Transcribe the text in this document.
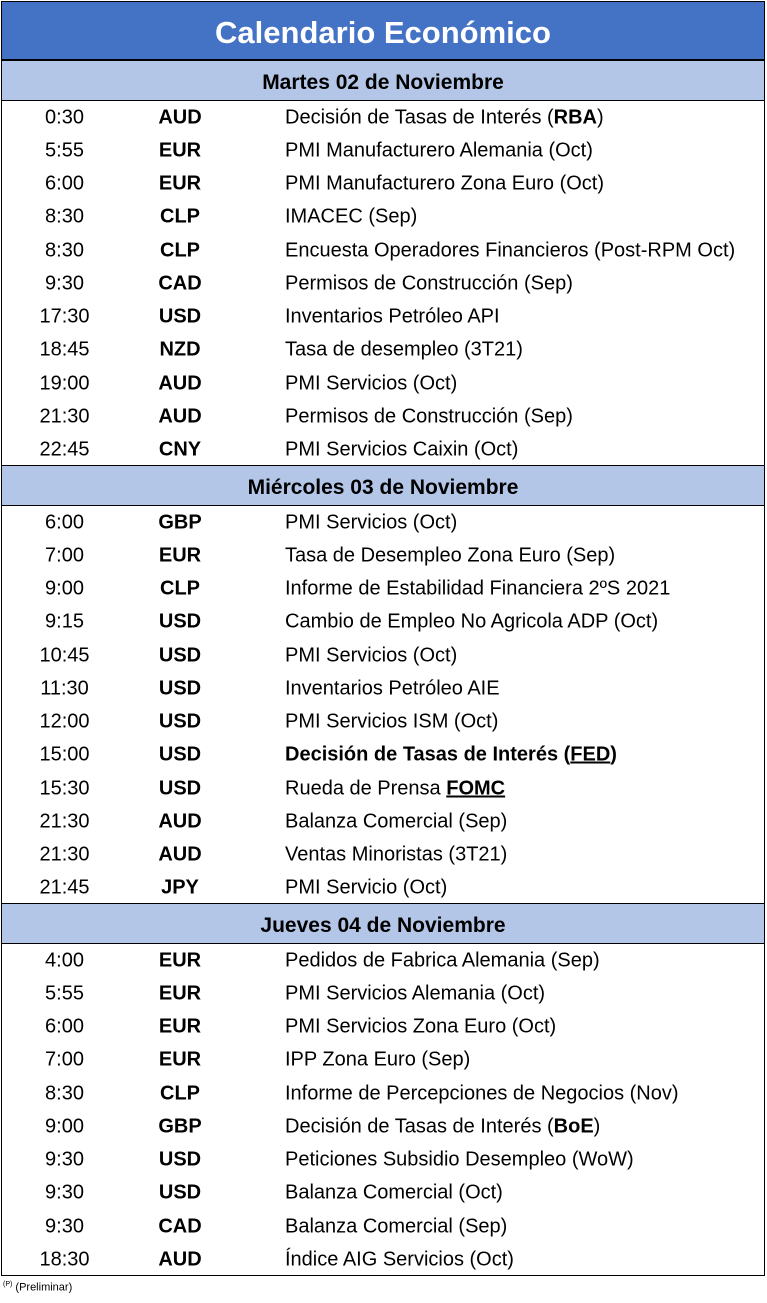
Calendario Económico
Martes 02 de Noviembre
0:30	AUD	Decisión de Tasas de Interés (RBA)
5:55	EUR	PMI Manufacturero Alemania (Oct)
6:00	EUR	PMI Manufacturero Zona Euro (Oct)
8:30	CLP	IMACEC (Sep)
8:30	CLP	Encuesta Operadores Financieros (Post-RPM Oct)
9:30	CAD	Permisos de Construcción (Sep)
17:30	USD	Inventarios Petróleo API
18:45	NZD	Tasa de desempleo (3T21)
19:00	AUD	PMI Servicios (Oct)
21:30	AUD	Permisos de Construcción (Sep)
22:45	CNY	PMI Servicios Caixin (Oct)
Miércoles 03 de Noviembre
6:00	GBP	PMI Servicios (Oct)
7:00	EUR	Tasa de Desempleo Zona Euro (Sep)
9:00	CLP	Informe de Estabilidad Financiera 2ºS 2021
9:15	USD	Cambio de Empleo No Agricola ADP (Oct)
10:45	USD	PMI Servicios (Oct)
11:30	USD	Inventarios Petróleo AIE
12:00	USD	PMI Servicios ISM (Oct)
15:00	USD	Decisión de Tasas de Interés (FED)
15:30	USD	Rueda de Prensa FOMC
21:30	AUD	Balanza Comercial (Sep)
21:30	AUD	Ventas Minoristas (3T21)
21:45	JPY	PMI Servicio (Oct)
Jueves 04 de Noviembre
4:00	EUR	Pedidos de Fabrica Alemania (Sep)
5:55	EUR	PMI Servicios Alemania (Oct)
6:00	EUR	PMI Servicios Zona Euro (Oct)
7:00	EUR	IPP Zona Euro (Sep)
8:30	CLP	Informe de Percepciones de Negocios (Nov)
9:00	GBP	Decisión de Tasas de Interés (BoE)
9:30	USD	Peticiones Subsidio Desempleo (WoW)
9:30	USD	Balanza Comercial (Oct)
9:30	CAD	Balanza Comercial (Sep)
18:30	AUD	Índice AIG Servicios (Oct)
$^{(P)}$ (Preliminar)
